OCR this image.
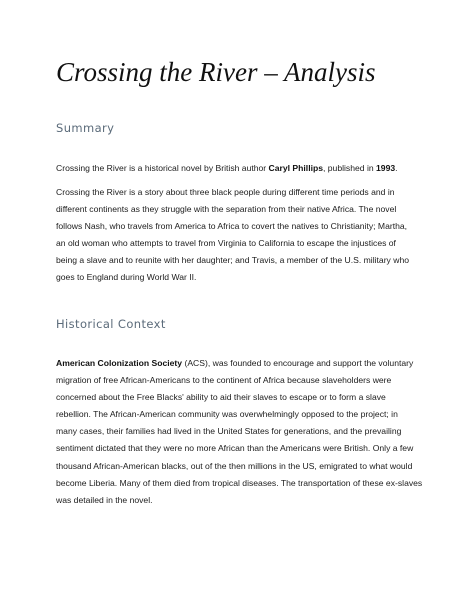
Crossing the River – Analysis
Summary

Crossing the River is a historical novel by British author Caryl Phillips, published in 1993.

Crossing the River is a story about three black people during different time periods and in
different continents as they struggle with the separation from their native Africa. The novel
follows Nash, who travels from America to Africa to covert the natives to Christianity; Martha,
an old woman who attempts to travel from Virginia to California to escape the injustices of
being a slave and to reunite with her daughter; and Travis, a member of the U.S. military who
goes to England during World War II.

Historical Context

American Colonization Society (ACS), was founded to encourage and support the voluntary
migration of free African-Americans to the continent of Africa because slaveholders were
concerned about the Free Blacks' ability to aid their slaves to escape or to form a slave
rebellion. The African-American community was overwhelmingly opposed to the project; in
many cases, their families had lived in the United States for generations, and the prevailing
sentiment dictated that they were no more African than the Americans were British. Only a few
thousand African-American blacks, out of the then millions in the US, emigrated to what would
become Liberia. Many of them died from tropical diseases. The transportation of these ex-slaves
was detailed in the novel.
